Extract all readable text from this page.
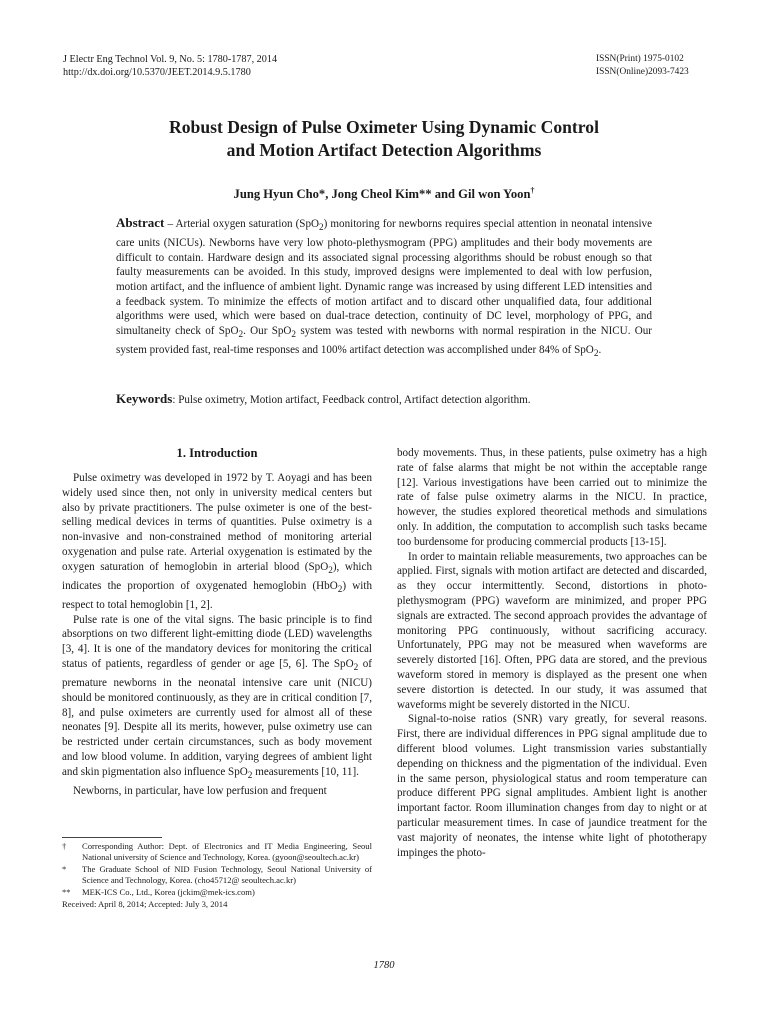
J Electr Eng Technol Vol. 9, No. 5: 1780-1787, 2014
http://dx.doi.org/10.5370/JEET.2014.9.5.1780
ISSN(Print) 1975-0102
ISSN(Online)2093-7423
Robust Design of Pulse Oximeter Using Dynamic Control
and Motion Artifact Detection Algorithms
Jung Hyun Cho*, Jong Cheol Kim** and Gil won Yoon†
Abstract – Arterial oxygen saturation (SpO$_2$) monitoring for newborns requires special attention in neonatal intensive care units (NICUs). Newborns have very low photo-plethysmogram (PPG) amplitudes and their body movements are difficult to contain. Hardware design and its associated signal processing algorithms should be robust enough so that faulty measurements can be avoided. In this study, improved designs were implemented to deal with low perfusion, motion artifact, and the influence of ambient light. Dynamic range was increased by using different LED intensities and a feedback system. To minimize the effects of motion artifact and to discard other unqualified data, four additional algorithms were used, which were based on dual-trace detection, continuity of DC level, morphology of PPG, and simultaneity check of SpO$_2$. Our SpO$_2$ system was tested with newborns with normal respiration in the NICU. Our system provided fast, real-time responses and 100% artifact detection was accomplished under 84% of SpO$_2$.
Keywords: Pulse oximetry, Motion artifact, Feedback control, Artifact detection algorithm.
1. Introduction

Pulse oximetry was developed in 1972 by T. Aoyagi and has been widely used since then, not only in university medical centers but also by private practitioners. The pulse oximeter is one of the best-selling medical devices in terms of quantities. Pulse oximetry is a non-invasive and non-constrained method of monitoring arterial oxygenation and pulse rate. Arterial oxygenation is estimated by the oxygen saturation of hemoglobin in arterial blood (SpO$_2$), which indicates the proportion of oxygenated hemoglobin (HbO$_2$) with respect to total hemoglobin [1, 2].

Pulse rate is one of the vital signs. The basic principle is to find absorptions on two different light-emitting diode (LED) wavelengths [3, 4]. It is one of the mandatory devices for monitoring the critical status of patients, regardless of gender or age [5, 6]. The SpO$_2$ of premature newborns in the neonatal intensive care unit (NICU) should be monitored continuously, as they are in critical condition [7, 8], and pulse oximeters are currently used for almost all of these neonates [9]. Despite all its merits, however, pulse oximetry use can be restricted under certain circumstances, such as body movement and low blood volume. In addition, varying degrees of ambient light and skin pigmentation also influence SpO$_2$ measurements [10, 11].

Newborns, in particular, have low perfusion and frequent

†	Corresponding Author: Dept. of Electronics and IT Media Engineering, Seoul National university of Science and Technology, Korea. (gyoon@seoultech.ac.kr)
*	The Graduate School of NID Fusion Technology, Seoul National University of Science and Technology, Korea. (cho45712@ seoultech.ac.kr)
**	MEK-ICS Co., Ltd., Korea (jckim@mek-ics.com)
Received: April 8, 2014; Accepted: July 3, 2014

body movements. Thus, in these patients, pulse oximetry has a high rate of false alarms that might be not within the acceptable range [12]. Various investigations have been carried out to minimize the rate of false pulse oximetry alarms in the NICU. In practice, however, the studies explored theoretical methods and simulations only. In addition, the computation to accomplish such tasks became too burdensome for producing commercial products [13-15].

In order to maintain reliable measurements, two approaches can be applied. First, signals with motion artifact are detected and discarded, as they occur intermittently. Second, distortions in photo-plethysmogram (PPG) waveform are minimized, and proper PPG signals are extracted. The second approach provides the advantage of monitoring PPG continuously, without sacrificing accuracy. Unfortunately, PPG may not be measured when waveforms are severely distorted [16]. Often, PPG data are stored, and the previous waveform stored in memory is displayed as the present one when severe distortion is detected. In our study, it was assumed that waveforms might be severely distorted in the NICU.

Signal-to-noise ratios (SNR) vary greatly, for several reasons. First, there are individual differences in PPG signal amplitude due to different blood volumes. Light transmission varies substantially depending on thickness and the pigmentation of the individual. Even in the same person, physiological status and room temperature can produce different PPG signal amplitudes. Ambient light is another important factor. Room illumination changes from day to night or at particular measurement times. In case of jaundice treatment for the vast majority of neonates, the intense white light of phototherapy impinges the photo-

1780
